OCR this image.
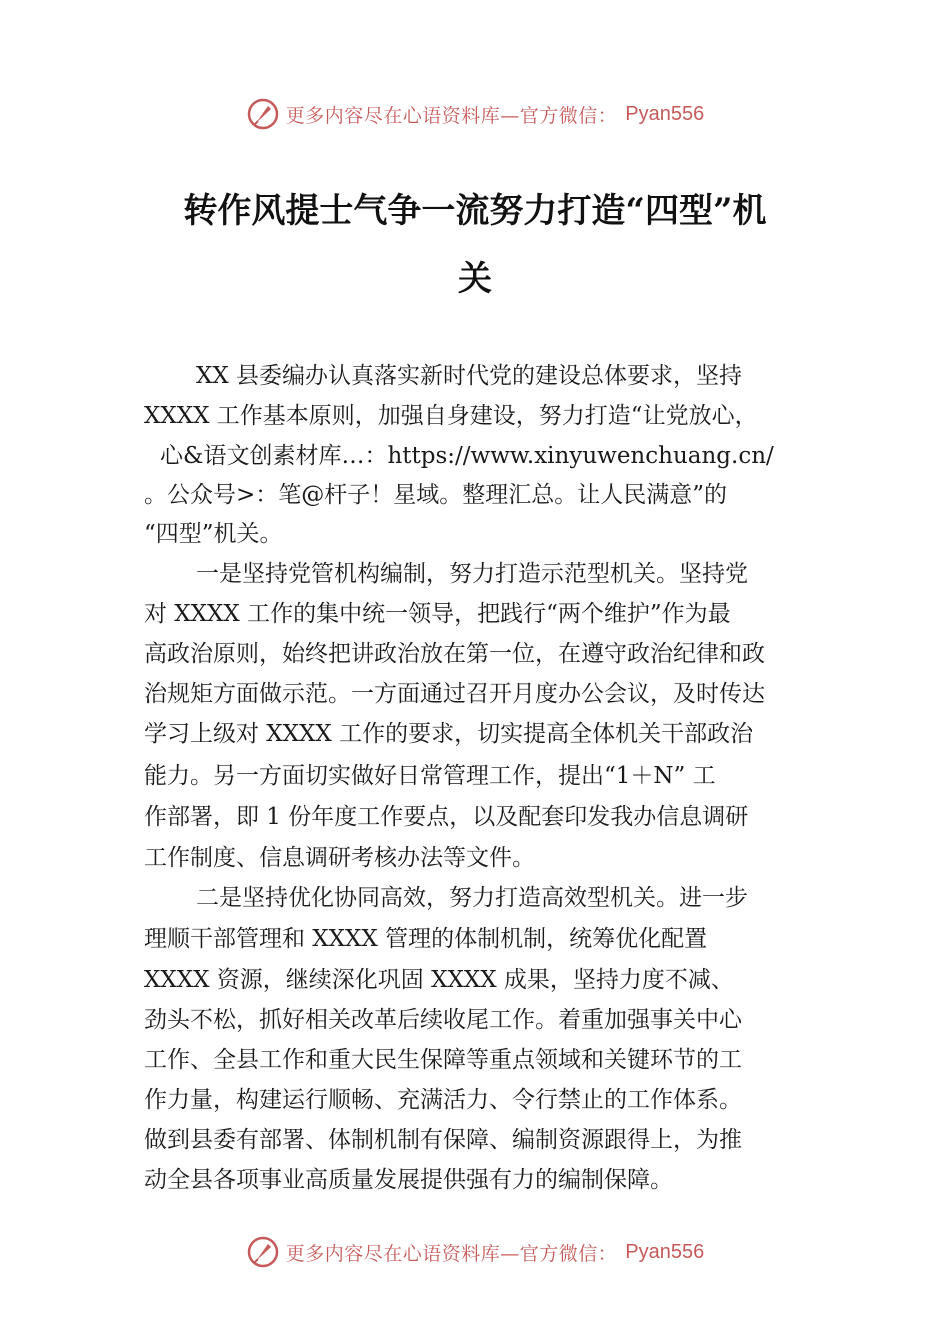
更多内容尽在心语资料库—官方微信： Pyan556
转作风提士气争一流努力打造“四型”机
关
XX 县委编办认真落实新时代党的建设总体要求，坚持
XXXX 工作基本原则，加强自身建设，努力打造“让党放心，
心&语文创素材库…：https://www.xinyuwenchuang.cn/
。公众号>：笔@杆子！星域。整理汇总。让人民满意”的
“四型”机关。
一是坚持党管机构编制，努力打造示范型机关。坚持党
对 XXXX 工作的集中统一领导，把践行“两个维护”作为最
高政治原则，始终把讲政治放在第一位，在遵守政治纪律和政
治规矩方面做示范。一方面通过召开月度办公会议，及时传达
学习上级对 XXXX 工作的要求，切实提高全体机关干部政治
能力。另一方面切实做好日常管理工作，提出“1＋N” 工
作部署，即 1 份年度工作要点，以及配套印发我办信息调研
工作制度、信息调研考核办法等文件。
二是坚持优化协同高效，努力打造高效型机关。进一步
理顺干部管理和 XXXX 管理的体制机制，统筹优化配置
XXXX 资源，继续深化巩固 XXXX 成果，坚持力度不减、
劲头不松，抓好相关改革后续收尾工作。着重加强事关中心
工作、全县工作和重大民生保障等重点领域和关键环节的工
作力量，构建运行顺畅、充满活力、令行禁止的工作体系。
做到县委有部署、体制机制有保障、编制资源跟得上，为推
动全县各项事业高质量发展提供强有力的编制保障。
更多内容尽在心语资料库—官方微信： Pyan556
